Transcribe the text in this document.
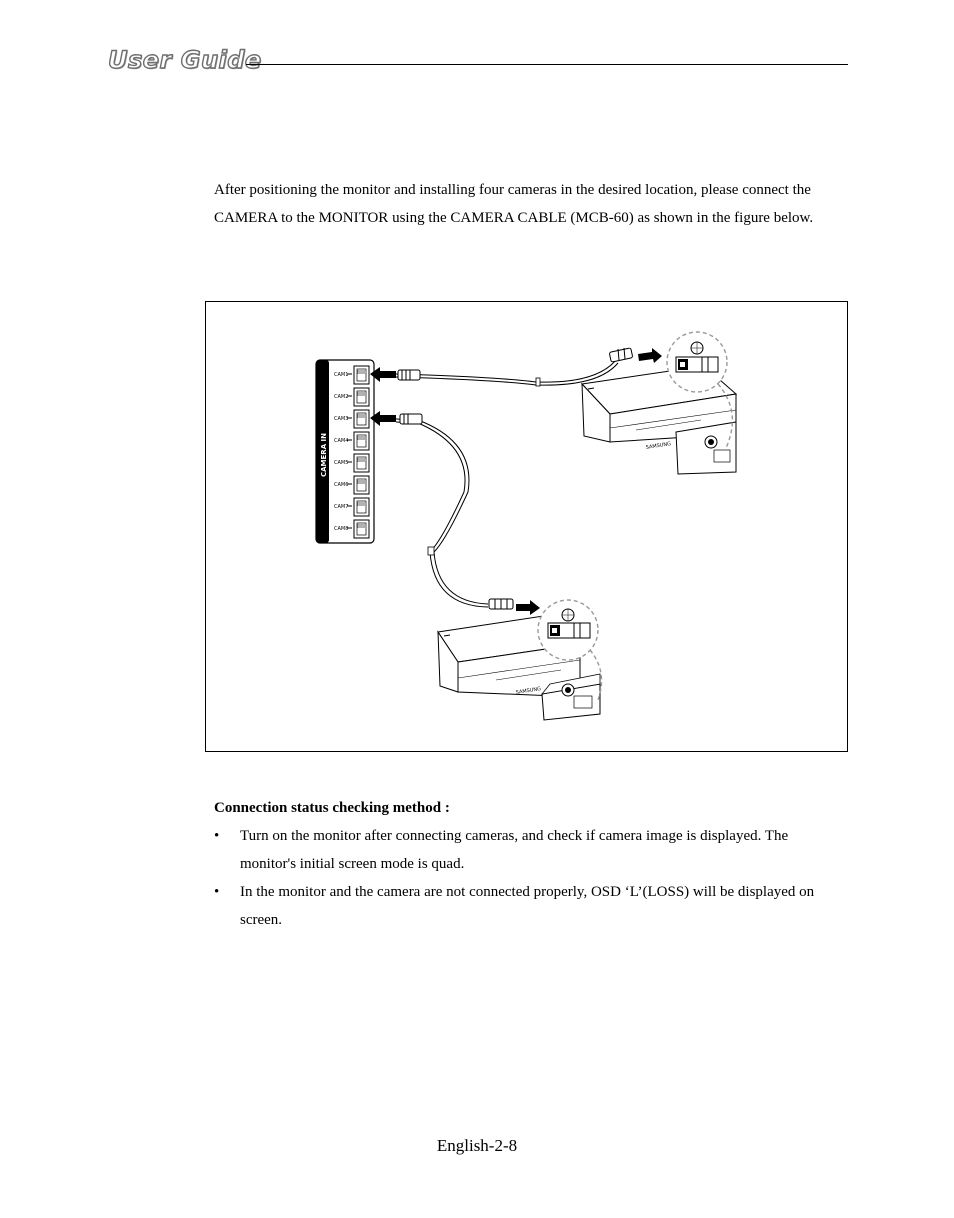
User Guide

After positioning the monitor and installing four cameras in the desired location, please connect the CAMERA to the MONITOR using the CAMERA CABLE (MCB-60) as shown in the figure below.

CAMERA IN
CAM1
CAM2
CAM3
CAM4
CAM5
CAM6
CAM7
CAM8
SAMSUNG
SAMSUNG

Connection status checking method :

• Turn on the monitor after connecting cameras, and check if camera image is displayed. The monitor's initial screen mode is quad.
• In the monitor and the camera are not connected properly, OSD ‘L’(LOSS) will be displayed on screen.
English-2-8
